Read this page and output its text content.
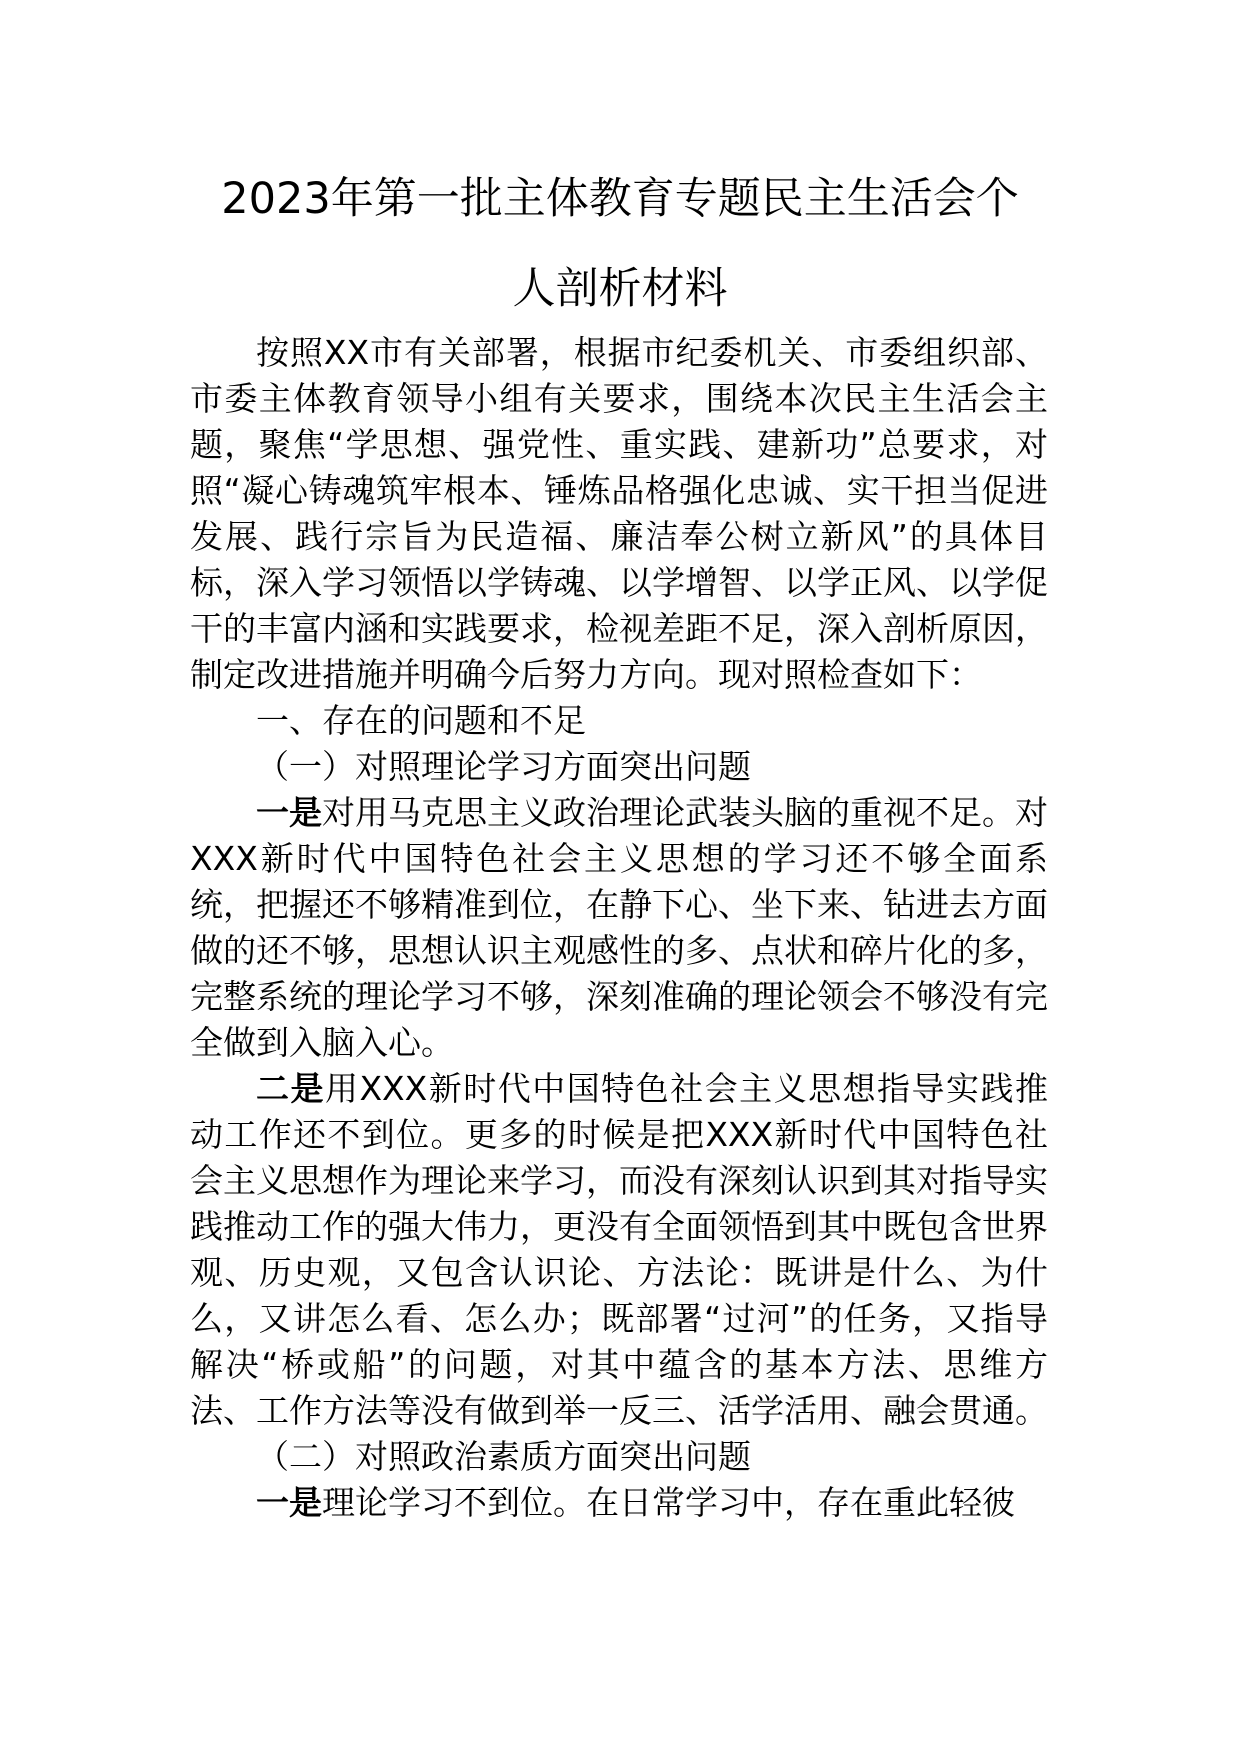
2023年第一批主体教育专题民主生活会个
人剖析材料

按照XX市有关部署，根据市纪委机关、市委组织部、市委主体教育领导小组有关要求，围绕本次民主生活会主题，聚焦“学思想、强党性、重实践、建新功”总要求，对照“凝心铸魂筑牢根本、锤炼品格强化忠诚、实干担当促进发展、践行宗旨为民造福、廉洁奉公树立新风”的具体目标，深入学习领悟以学铸魂、以学增智、以学正风、以学促干的丰富内涵和实践要求，检视差距不足，深入剖析原因，制定改进措施并明确今后努力方向。现对照检查如下：

一、存在的问题和不足

（一）对照理论学习方面突出问题

一是对用马克思主义政治理论武装头脑的重视不足。对XXX新时代中国特色社会主义思想的学习还不够全面系统，把握还不够精准到位，在静下心、坐下来、钻进去方面做的还不够，思想认识主观感性的多、点状和碎片化的多，完整系统的理论学习不够，深刻准确的理论领会不够没有完全做到入脑入心。

二是用XXX新时代中国特色社会主义思想指导实践推动工作还不到位。更多的时候是把XXX新时代中国特色社会主义思想作为理论来学习，而没有深刻认识到其对指导实践推动工作的强大伟力，更没有全面领悟到其中既包含世界观、历史观，又包含认识论、方法论：既讲是什么、为什么，又讲怎么看、怎么办；既部署“过河”的任务，又指导解决“桥或船”的问题，对其中蕴含的基本方法、思维方法、工作方法等没有做到举一反三、活学活用、融会贯通。

（二）对照政治素质方面突出问题

一是理论学习不到位。在日常学习中，存在重此轻彼
